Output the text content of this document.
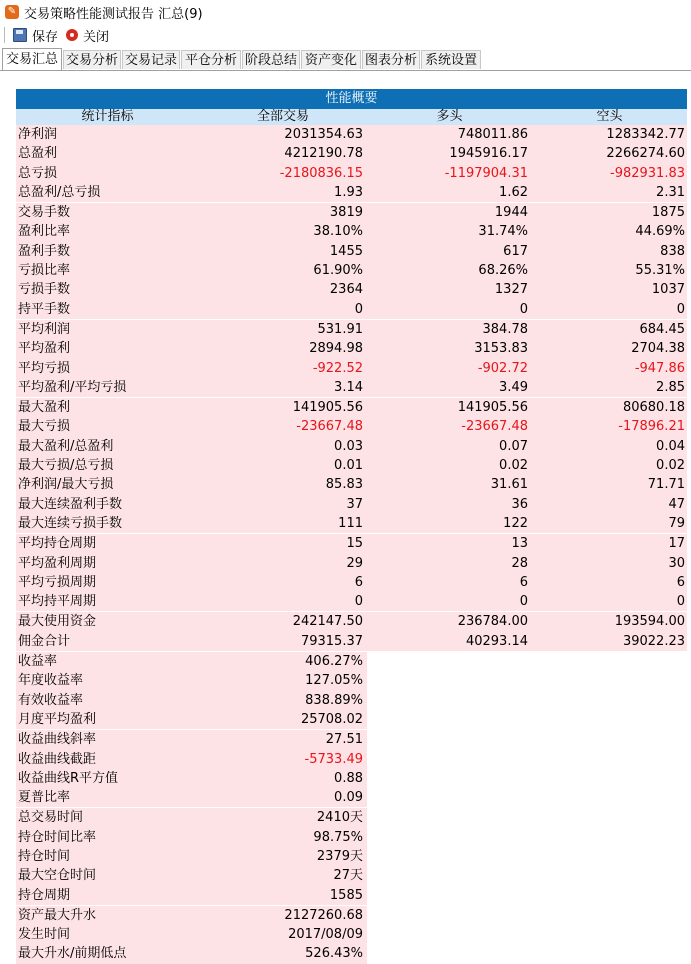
✎ 交易策略性能测试报告 汇总(9)
保存 关闭
交易汇总 交易分析 交易记录 平仓分析 阶段总结 资产变化 图表分析 系统设置
性能概要
统计指标	全部交易	多头	空头
净利润	2031354.63	748011.86	1283342.77
总盈利	4212190.78	1945916.17	2266274.60
总亏损	-2180836.15	-1197904.31	-982931.83
总盈利/总亏损	1.93	1.62	2.31
交易手数	3819	1944	1875
盈利比率	38.10%	31.74%	44.69%
盈利手数	1455	617	838
亏损比率	61.90%	68.26%	55.31%
亏损手数	2364	1327	1037
持平手数	0	0	0
平均利润	531.91	384.78	684.45
平均盈利	2894.98	3153.83	2704.38
平均亏损	-922.52	-902.72	-947.86
平均盈利/平均亏损	3.14	3.49	2.85
最大盈利	141905.56	141905.56	80680.18
最大亏损	-23667.48	-23667.48	-17896.21
最大盈利/总盈利	0.03	0.07	0.04
最大亏损/总亏损	0.01	0.02	0.02
净利润/最大亏损	85.83	31.61	71.71
最大连续盈利手数	37	36	47
最大连续亏损手数	111	122	79
平均持仓周期	15	13	17
平均盈利周期	29	28	30
平均亏损周期	6	6	6
平均持平周期	0	0	0
最大使用资金	242147.50	236784.00	193594.00
佣金合计	79315.37	40293.14	39022.23
收益率	406.27%
年度收益率	127.05%
有效收益率	838.89%
月度平均盈利	25708.02
收益曲线斜率	27.51
收益曲线截距	-5733.49
收益曲线R平方值	0.88
夏普比率	0.09
总交易时间	2410天
持仓时间比率	98.75%
持仓时间	2379天
最大空仓时间	27天
持仓周期	1585
资产最大升水	2127260.68
发生时间	2017/08/09
最大升水/前期低点	526.43%
